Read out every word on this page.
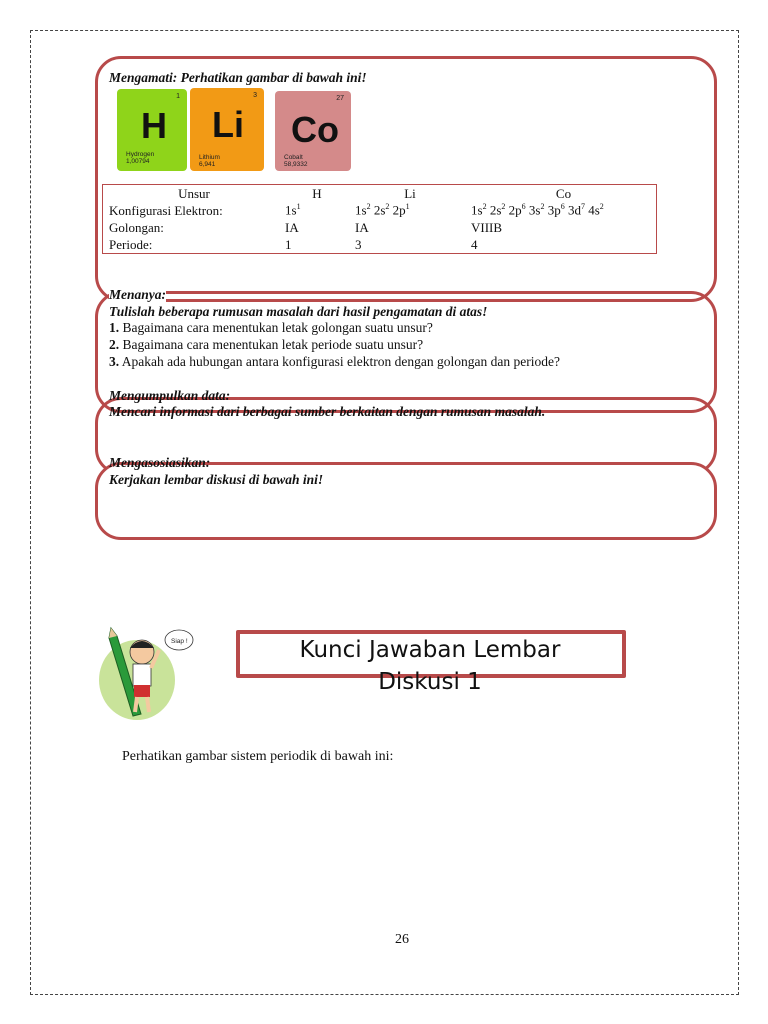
Mengamati: Perhatikan gambar di bawah ini!
1
H
Hydrogen
1,00794
3
Li
Lithium
6,941
27
Co
Cobalt
58,9332
Unsur	H	Li	Co
Konfigurasi Elektron:	$1s^1$	$1s^2$ $2s^2$ $2p^1$	$1s^2$ $2s^2$ $2p^6$ $3s^2$ $3p^6$ $3d^7$ $4s^2$
Golongan:	IA	IA	VIIIB
Periode:	1	3	4
Menanya:
Tulislah beberapa rumusan masalah dari hasil pengamatan di atas!
1. Bagaimana cara menentukan letak golongan suatu unsur?
2. Bagaimana cara menentukan letak periode suatu unsur?
3. Apakah ada hubungan antara konfigurasi elektron dengan golongan dan periode?
Mengumpulkan data:
Mencari informasi dari berbagai sumber berkaitan dengan rumusan masalah.
Mengasosiasikan:
Kerjakan lembar diskusi di bawah ini!
Siap !	Kunci Jawaban Lembar
Diskusi 1
Perhatikan gambar sistem periodik di bawah ini:
26
